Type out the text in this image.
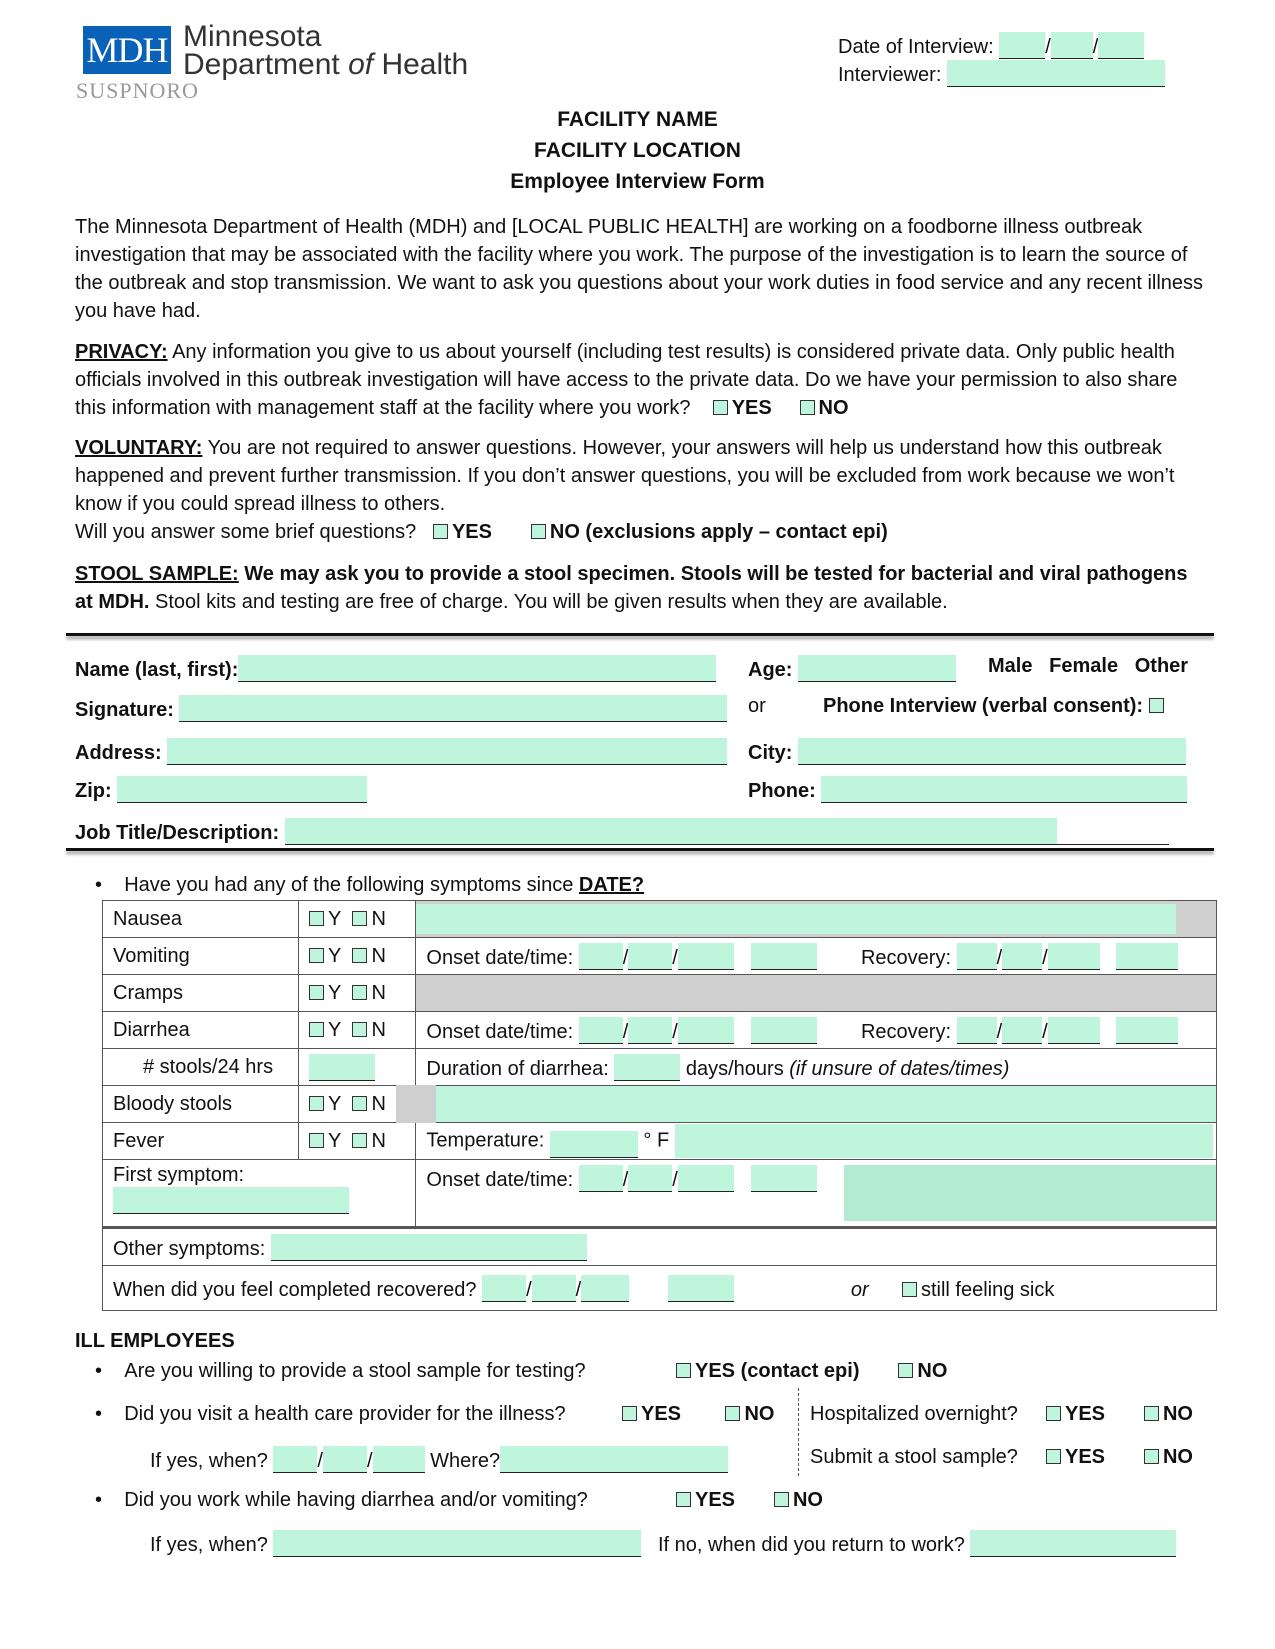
MDH Minnesota
Department of Health
SUSPNORO
Date of Interview:	/ /
Interviewer:
FACILITY NAME
FACILITY LOCATION
Employee Interview Form
The Minnesota Department of Health (MDH) and [LOCAL PUBLIC HEALTH] are working on a foodborne illness outbreak investigation that may be associated with the facility where you work. The purpose of the investigation is to learn the source of the outbreak and stop transmission. We want to ask you questions about your work duties in food service and any recent illness you have had.
PRIVACY: Any information you give to us about yourself (including test results) is considered private data. Only public health officials involved in this outbreak investigation will have access to the private data. Do we have your permission to also share this information with management staff at the facility where you work? YES NO
VOLUNTARY: You are not required to answer questions. However, your answers will help us understand how this outbreak happened and prevent further transmission. If you don’t answer questions, you will be excluded from work because we won’t know if you could spread illness to others.
Will you answer some brief questions? YES	NO (exclusions apply – contact epi)
STOOL SAMPLE: We may ask you to provide a stool specimen. Stools will be tested for bacterial and viral pathogens at MDH. Stool kits and testing are free of charge. You will be given results when they are available.
Name (last, first):	Age:	Male Female Other
Signature:	or	Phone Interview (verbal consent):
Address:	City:
Zip:	Phone:
Job Title/Description:
•    Have you had any of the following symptoms since DATE?
Nausea	Y N	

Vomiting	Y N	Onset date/time: / / Recovery: / /
Cramps	Y N	
Diarrhea	Y N	Onset date/time: / / Recovery: / /
# stools/24 hrs		Duration of diarrhea: days/hours (if unsure of dates/times)
Bloody stools	Y N	
Fever	Y N	Temperature: ° F

First symptom:		Onset date/time: / /

Other symptoms:		
When did you feel completed recovered? / / or still feeling sick		
ILL EMPLOYEES
•    Are you willing to provide a stool sample for testing?	YES (contact epi)	NO
•    Did you visit a health care provider for the illness?	YES	NO Hospitalized overnight?	YES	NO
If yes, when? / /	Where?	Submit a stool sample?	YES	NO
•    Did you work while having diarrhea and/or vomiting?	YES	NO
If yes, when?	If no, when did you return to work?
